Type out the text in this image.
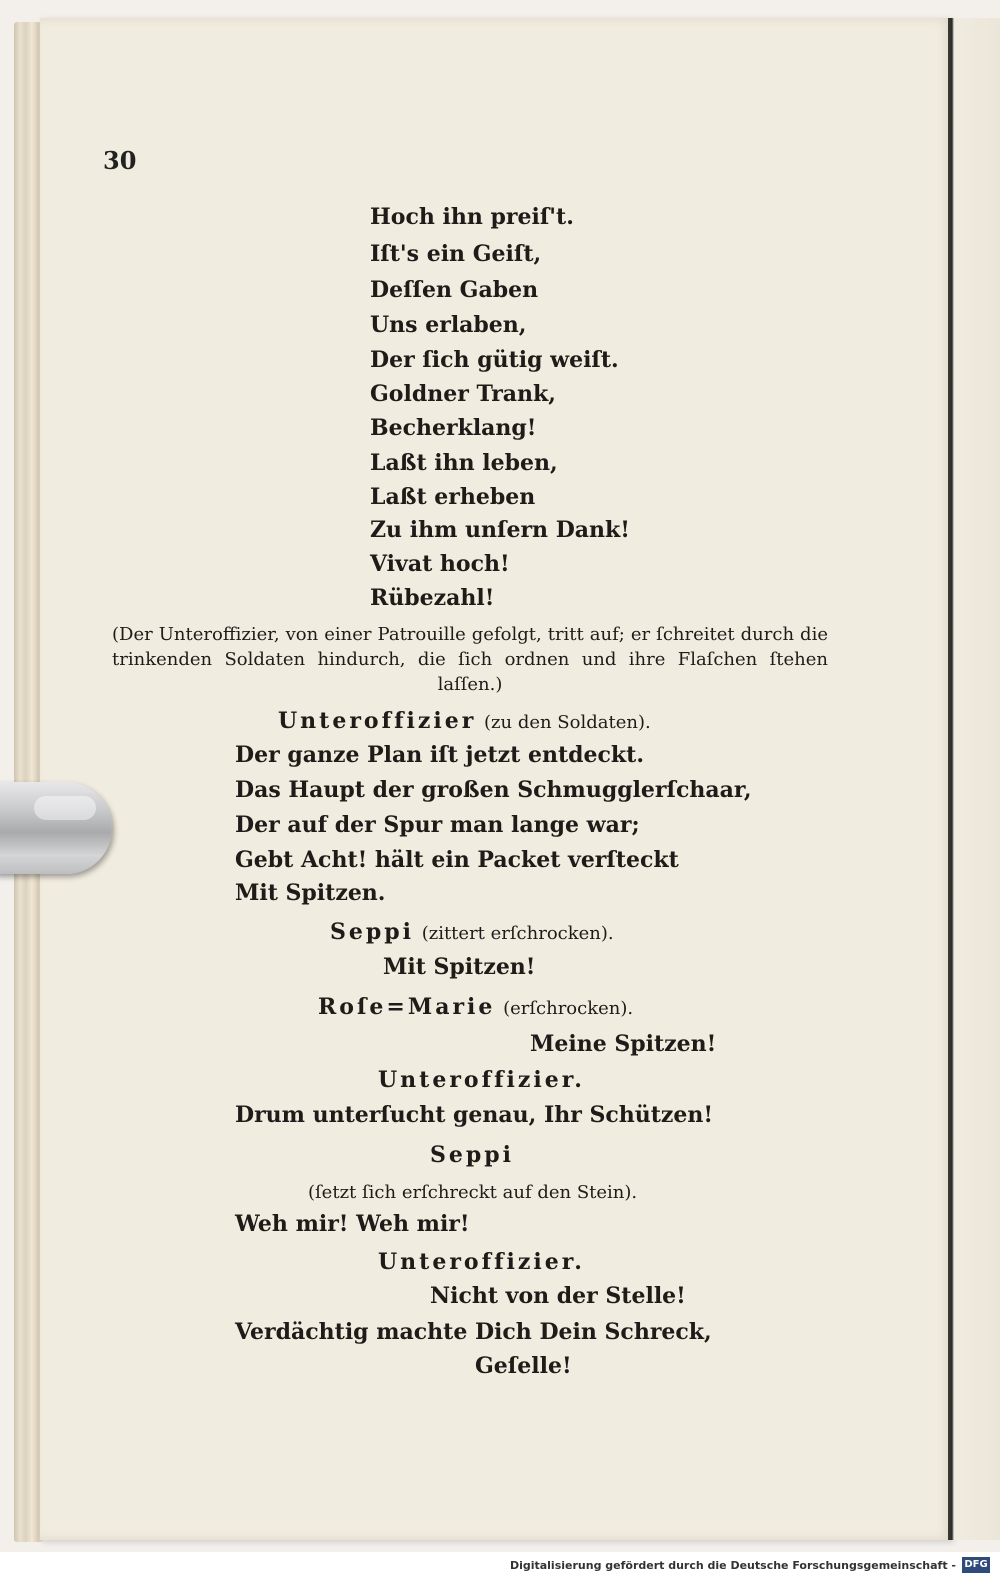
30
Hoch ihn preiſ't.
Iſt's ein Geiſt,
Deſſen Gaben
Uns erlaben,
Der ſich gütig weiſt.
Goldner Trank,
Becherklang!
Laßt ihn leben,
Laßt erheben
Zu ihm unſern Dank!
Vivat hoch!
Rübezahl!
(Der Unteroffizier, von einer Patrouille gefolgt, tritt auf; er ſchreitet durch die trinkenden Soldaten hindurch, die ſich ordnen und ihre Flaſchen ſtehen laſſen.)
Unteroffizier (zu den Soldaten).
Der ganze Plan iſt jetzt entdeckt.
Das Haupt der großen Schmugglerſchaar,
Der auf der Spur man lange war;
Gebt Acht! hält ein Packet verſteckt
Mit Spitzen.
Seppi (zittert erſchrocken).
Mit Spitzen!
Roſe=Marie (erſchrocken).
Meine Spitzen!
Unteroffizier.
Drum unterſucht genau, Ihr Schützen!
Seppi
(ſetzt ſich erſchreckt auf den Stein).
Weh mir! Weh mir!
Unteroffizier.
Nicht von der Stelle!
Verdächtig machte Dich Dein Schreck,
Geſelle!
Digitalisierung gefördert durch die Deutsche Forschungsgemeinschaft - DFG
